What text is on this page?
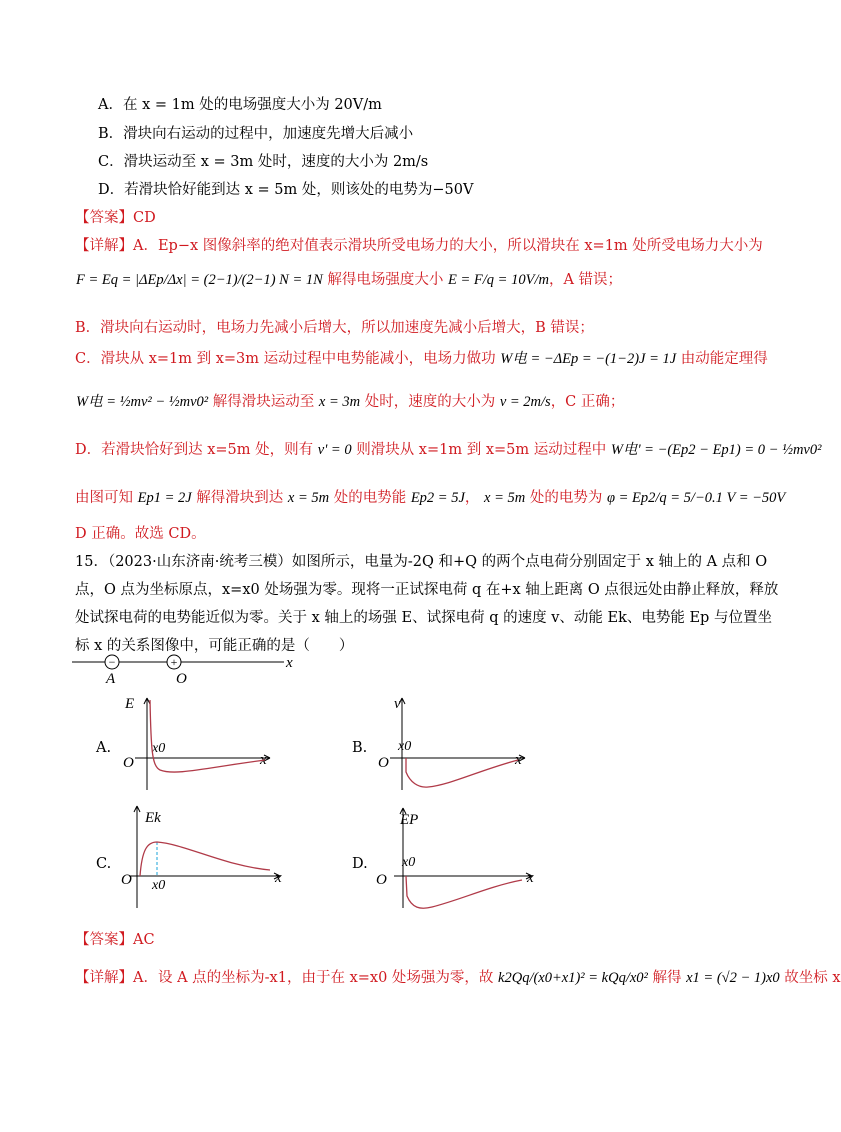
A．在 x = 1m 处的电场强度大小为 20V/m
B．滑块向右运动的过程中，加速度先增大后减小
C．滑块运动至 x = 3m 处时，速度的大小为 2m/s
D．若滑块恰好能到达 x = 5m 处，则该处的电势为−50V
【答案】CD
【详解】A．Ep−x 图像斜率的绝对值表示滑块所受电场力的大小，所以滑块在 x=1m 处所受电场力大小为
F = Eq = |ΔEp/Δx| = (2−1)/(2−1) N = 1N 解得电场强度大小 E = F/q = 10V/m，A 错误；
B．滑块向右运动时，电场力先减小后增大，所以加速度先减小后增大，B 错误；
C．滑块从 x=1m 到 x=3m 运动过程中电势能减小，电场力做功 W电 = −ΔEp = −(1−2)J = 1J 由动能定理得
W电 = ½mv² − ½mv0² 解得滑块运动至 x = 3m 处时，速度的大小为 v = 2m/s，C 正确；
D．若滑块恰好到达 x=5m 处，则有 v' = 0 则滑块从 x=1m 到 x=5m 运动过程中 W电' = −(Ep2 − Ep1) = 0 − ½mv0²
由图可知 Ep1 = 2J 解得滑块到达 x = 5m 处的电势能 Ep2 = 5J， x = 5m 处的电势为 φ = Ep2/q = 5/−0.1 V = −50V
D 正确。故选 CD。
15．（2023·山东济南·统考三模）如图所示，电量为-2Q 和+Q 的两个点电荷分别固定于 x 轴上的 A 点和 O
点，O 点为坐标原点，x=x0 处场强为零。现将一正试探电荷 q 在+x 轴上距离 O 点很远处由静止释放，释放
处试探电荷的电势能近似为零。关于 x 轴上的场强 E、试探电荷 q 的速度 v、动能 Ek、电势能 Ep 与位置坐
标 x 的关系图像中，可能正确的是（　　）
−	+	x
A	O
A.
E
O
x0
x
B.
v
O
x0
x
C.
Ek
O x0	x
D.
EP
O
x0
x
【答案】AC
【详解】A．设 A 点的坐标为-x1，由于在 x=x0 处场强为零，故 k2Qq/(x0+x1)² = kQq/x0² 解得 x1 = (√2 − 1)x0 故坐标 x
